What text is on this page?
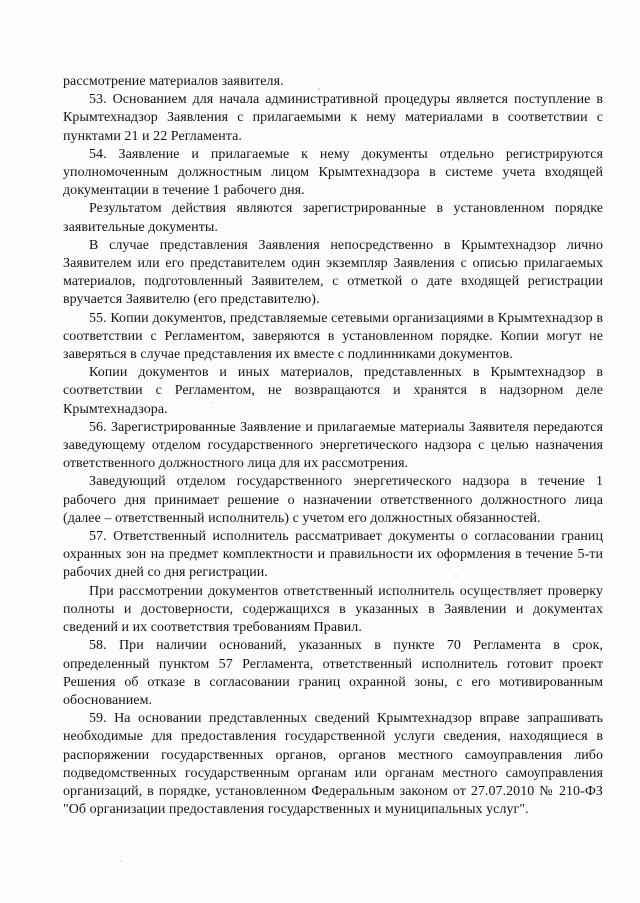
рассмотрение материалов заявителя.

53. Основанием для начала административной процедуры является поступление в Крымтехнадзор Заявления с прилагаемыми к нему материалами в соответствии с пунктами 21 и 22 Регламента.

54. Заявление и прилагаемые к нему документы отдельно регистрируются уполномоченным должностным лицом Крымтехнадзора в системе учета входящей документации в течение 1 рабочего дня.

Результатом действия являются зарегистрированные в установленном порядке заявительные документы.

В случае представления Заявления непосредственно в Крымтехнадзор лично Заявителем или его представителем один экземпляр Заявления с описью прилагаемых материалов, подготовленный Заявителем, с отметкой о дате входящей регистрации вручается Заявителю (его представителю).

55. Копии документов, представляемые сетевыми организациями в Крымтехнадзор в соответствии с Регламентом, заверяются в установленном порядке. Копии могут не заверяться в случае представления их вместе с подлинниками документов.

Копии документов и иных материалов, представленных в Крымтехнадзор в соответствии с Регламентом, не возвращаются и хранятся в надзорном деле Крымтехнадзора.

56. Зарегистрированные Заявление и прилагаемые материалы Заявителя передаются заведующему отделом государственного энергетического надзора с целью назначения ответственного должностного лица для их рассмотрения.

Заведующий отделом государственного энергетического надзора в течение 1 рабочего дня принимает решение о назначении ответственного должностного лица (далее – ответственный исполнитель) с учетом его должностных обязанностей.

57. Ответственный исполнитель рассматривает документы о согласовании границ охранных зон на предмет комплектности и правильности их оформления в течение 5-ти рабочих дней со дня регистрации.

При рассмотрении документов ответственный исполнитель осуществляет проверку полноты и достоверности, содержащихся в указанных в Заявлении и документах сведений и их соответствия требованиям Правил.

58. При наличии оснований, указанных в пункте 70 Регламента в срок, определенный пунктом 57 Регламента, ответственный исполнитель готовит проект Решения об отказе в согласовании границ охранной зоны, с его мотивированным обоснованием.

59. На основании представленных сведений Крымтехнадзор вправе запрашивать необходимые для предоставления государственной услуги сведения, находящиеся в распоряжении государственных органов, органов местного самоуправления либо подведомственных государственным органам или органам местного самоуправления организаций, в порядке, установленном Федеральным законом от 27.07.2010 № 210-ФЗ "Об организации предоставления государственных и муниципальных услуг".
